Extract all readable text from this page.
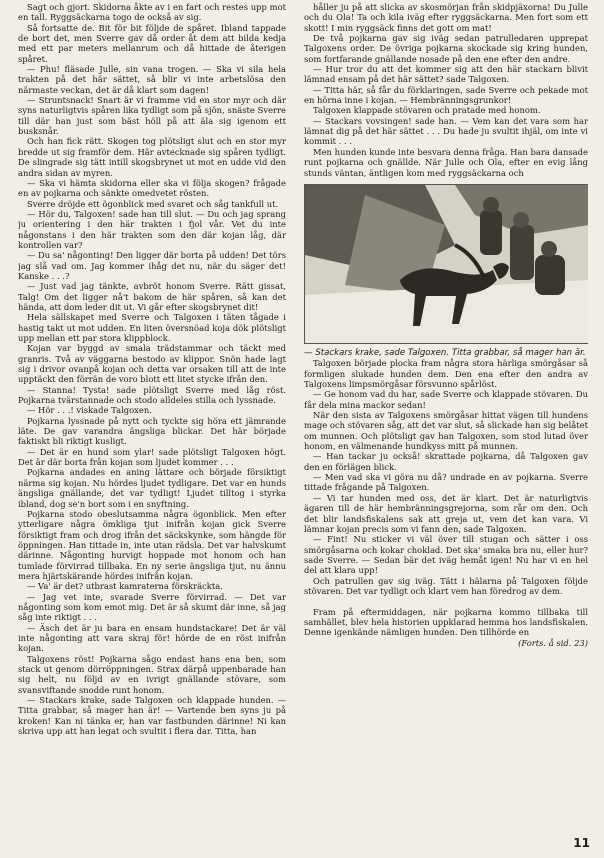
Sagt och gjort. Skidorna åkte av i en fart och restes upp mot en tall. Ryggsäckarna togo de också av sig.

Så fortsatte de. Bit för bit följde de spåret. Ibland tappade de bort det, men Sverre gav då order åt dem att bilda kedja med ett par meters mellanrum och då hittade de återigen spåret.

— Phu! fläsade Julle, sin vana trogen. — Ska vi sila hela trakten på det här sättet, så blir vi inte arbetslösa den närmaste veckan, det är då klart som dagen!

— Struntsnack! Snart är vi framme vid en stor myr och där syns naturligtvis spåren lika tydligt som på sjön, snäste Sverre till där han just som bäst höll på att äla sig igenom ett busksnår.

Och han fick rätt. Skogen tog plötsligt slut och en stor myr bredde ut sig framför dem. Här avtecknade sig spåren tydligt. De slingrade sig tätt intill skogsbrynet ut mot en udde vid den andra sidan av myren.

— Ska vi hämta skidorna eller ska vi följa skogen? frågade en av pojkarna och sänkte omedvetet rösten.

Sverre dröjde ett ögonblick med svaret och såg tankfull ut.

— Hör du, Talgoxen! sade han till slut. — Du och jag sprang ju orientering i den här trakten i fjol vår. Vet du inte någonstans i den här trakten som den där kojan låg, där kontrollen var?

— Du sa' någonting! Den ligger där borta på udden! Det törs jag slå vad om. Jag kommer ihåg det nu, när du säger det! Kanske . . .?

— Just vad jag tänkte, avbröt honom Sverre. Rätt gissat, Talg! Om det ligger nå't bakom de här spåren, så kan det hända, att dom leder dit ut. Vi går efter skogsbrynet dit!

Hela sällskapet med Sverre och Talgoxen i täten tågade i hastig takt ut mot udden. En liten översnöad koja dök plötsligt upp mellan ett par stora klippblock.

Kojan var byggd av smala trädstammar och täckt med granris. Två av väggarna bestodo av klippor. Snön hade lagt sig i drivor ovanpå kojan och detta var orsaken till att de inte upptäckt den förrän de voro blott ett litet stycke ifrån den.

— Stanna! Tysta! sade plötsligt Sverre med låg röst. Pojkarna tvärstannade och stodo alldeles stilla och lyssnade.

— Hör . . .! viskade Talgoxen.

Pojkarna lyssnade på nytt och tyckte sig höra ett jämrande läte. De gav varandra ängsliga blickar. Det här började faktiskt bli riktigt kusligt.

— Det är en hund som ylar! sade plötsligt Talgoxen högt. Det är där borta från kojan som ljudet kommer . . .

Pojkarna andades en aning lättare och började försiktigt närma sig kojan. Nu hördes ljudet tydligare. Det var en hunds ängsliga gnällande, det var tydligt! Ljudet tilltog i styrka ibland, dog se'n bort som i en snyftning.

Pojkarna stodo obeslutsamma några ögonblick. Men efter ytterligare några ömkliga tjut inifrån kojan gick Sverre försiktigt fram och drog ifrån det säckskynke, som hängde för öppningen. Han tittade in, inte utan rädsla. Det var halvskumt därinne. Någonting hurvigt hoppade mot honom och han tumlade förvirrad tillbaka. En ny serie ängsliga tjut, nu ännu mera hjärtskärande hördes inifrån kojan.

— Va' är det? utbrast kamraterna förskräckta.

— Jag vet inte, svarade Sverre förvirrad. — Det var någonting som kom emot mig. Det är så skumt där inne, så jag såg inte riktigt . . .

— Äsch det är ju bara en ensam hundstackare! Det är väl inte någonting att vara skraj för! hörde de en röst inifrån kojan.

Talgoxens röst! Pojkarna sågo endast hans ena ben, som stack ut genom dörröppningen. Strax därpå uppenbarade han sig helt, nu följd av en ivrigt gnällande stövare, som svansviftande snodde runt honom.

— Stackars krake, sade Talgoxen och klappade hunden. — Titta grabbar, så mager han är! — Vartende ben syns ju på kroken! Kan ni tänka er, han var fastbunden därinne! Ni kan skriva upp att han legat och svultit i flera dar. Titta, han

håller ju på att slicka av skosmörjan från skidpjäxorna! Du Julle och du Ola! Ta och kila iväg efter ryggsäckarna. Men fort som ett skott! I min ryggsäck finns det gott om mat!

De två pojkarna gav sig iväg sedan patrulledaren upprepat Talgoxens order. De övriga pojkarna skockade sig kring hunden, som fortfarande gnällande nosade på den ene efter den andre.

— Hur tror du att det kommer sig att den här stackarn blivit lämnad ensam på det här sättet? sade Talgoxen.

— Titta här, så får du förklaringen, sade Sverre och pekade mot en hörna inne i kojan. — Hembränningsgrunkor!

Talgoxen klappade stövaren och pratade med honom.

— Stackars vovsingen! sade han. — Vem kan det vara som har lämnat dig på det här sättet . . . Du hade ju svultit ihjäl, om inte vi kommit . . .

Men hunden kunde inte besvara denna fråga. Han bara dansade runt pojkarna och gnällde. När Julle och Ola, efter en evig lång stunds väntan, äntligen kom med ryggsäckarna och

— Stackars krake, sade Talgoxen. Titta grabbar, så mager han är.

Talgoxen började plocka fram några stora härliga smörgåsar så formligen slukade hunden dem. Den ena efter den andra av Talgoxens limpsmörgåsar försvunno spårlöst.

— Ge honom vad du har, sade Sverre och klappade stövaren. Du får dela mina mackor sedan!

När den sista av Talgoxens smörgåsar hittat vägen till hundens mage och stövaren såg, att det var slut, så slickade han sig belåtet om munnen. Och plötsligt gav han Talgoxen, som stod lutad över honom, en välmenande hundkyss mitt på munnen.

— Han tackar ju också! skrattade pojkarna, då Talgoxen gav den en förlägen blick.

— Men vad ska vi göra nu då? undrade en av pojkarna. Sverre tittade frågande på Talgoxen.

— Vi tar hunden med oss, det är klart. Det är naturligtvis ägaren till de här hembränningsgrejorna, som rår om den. Och det blir landsfiskalens sak att greja ut, vem det kan vara. Vi lämnar kojan precis som vi fann den, sade Talgoxen.

— Fint! Nu sticker vi väl över till stugan och sätter i oss smörgåsarna och kokar choklad. Det ska' smaka bra nu, eller hur? sade Sverre. — Sedan bär det iväg hemåt igen! Nu har vi en hel del att klara upp!

Och patrullen gav sig iväg. Tätt i hälarna på Talgoxen följde stövaren. Det var tydligt och klart vem han föredrog av dem.

Fram på eftermiddagen, när pojkarna kommo tillbaka till samhället, blev hela historien uppklarad hemma hos landsfiskalen. Denne igenkände nämligen hunden. Den tillhörde en

(Forts. å sid. 23)

11
